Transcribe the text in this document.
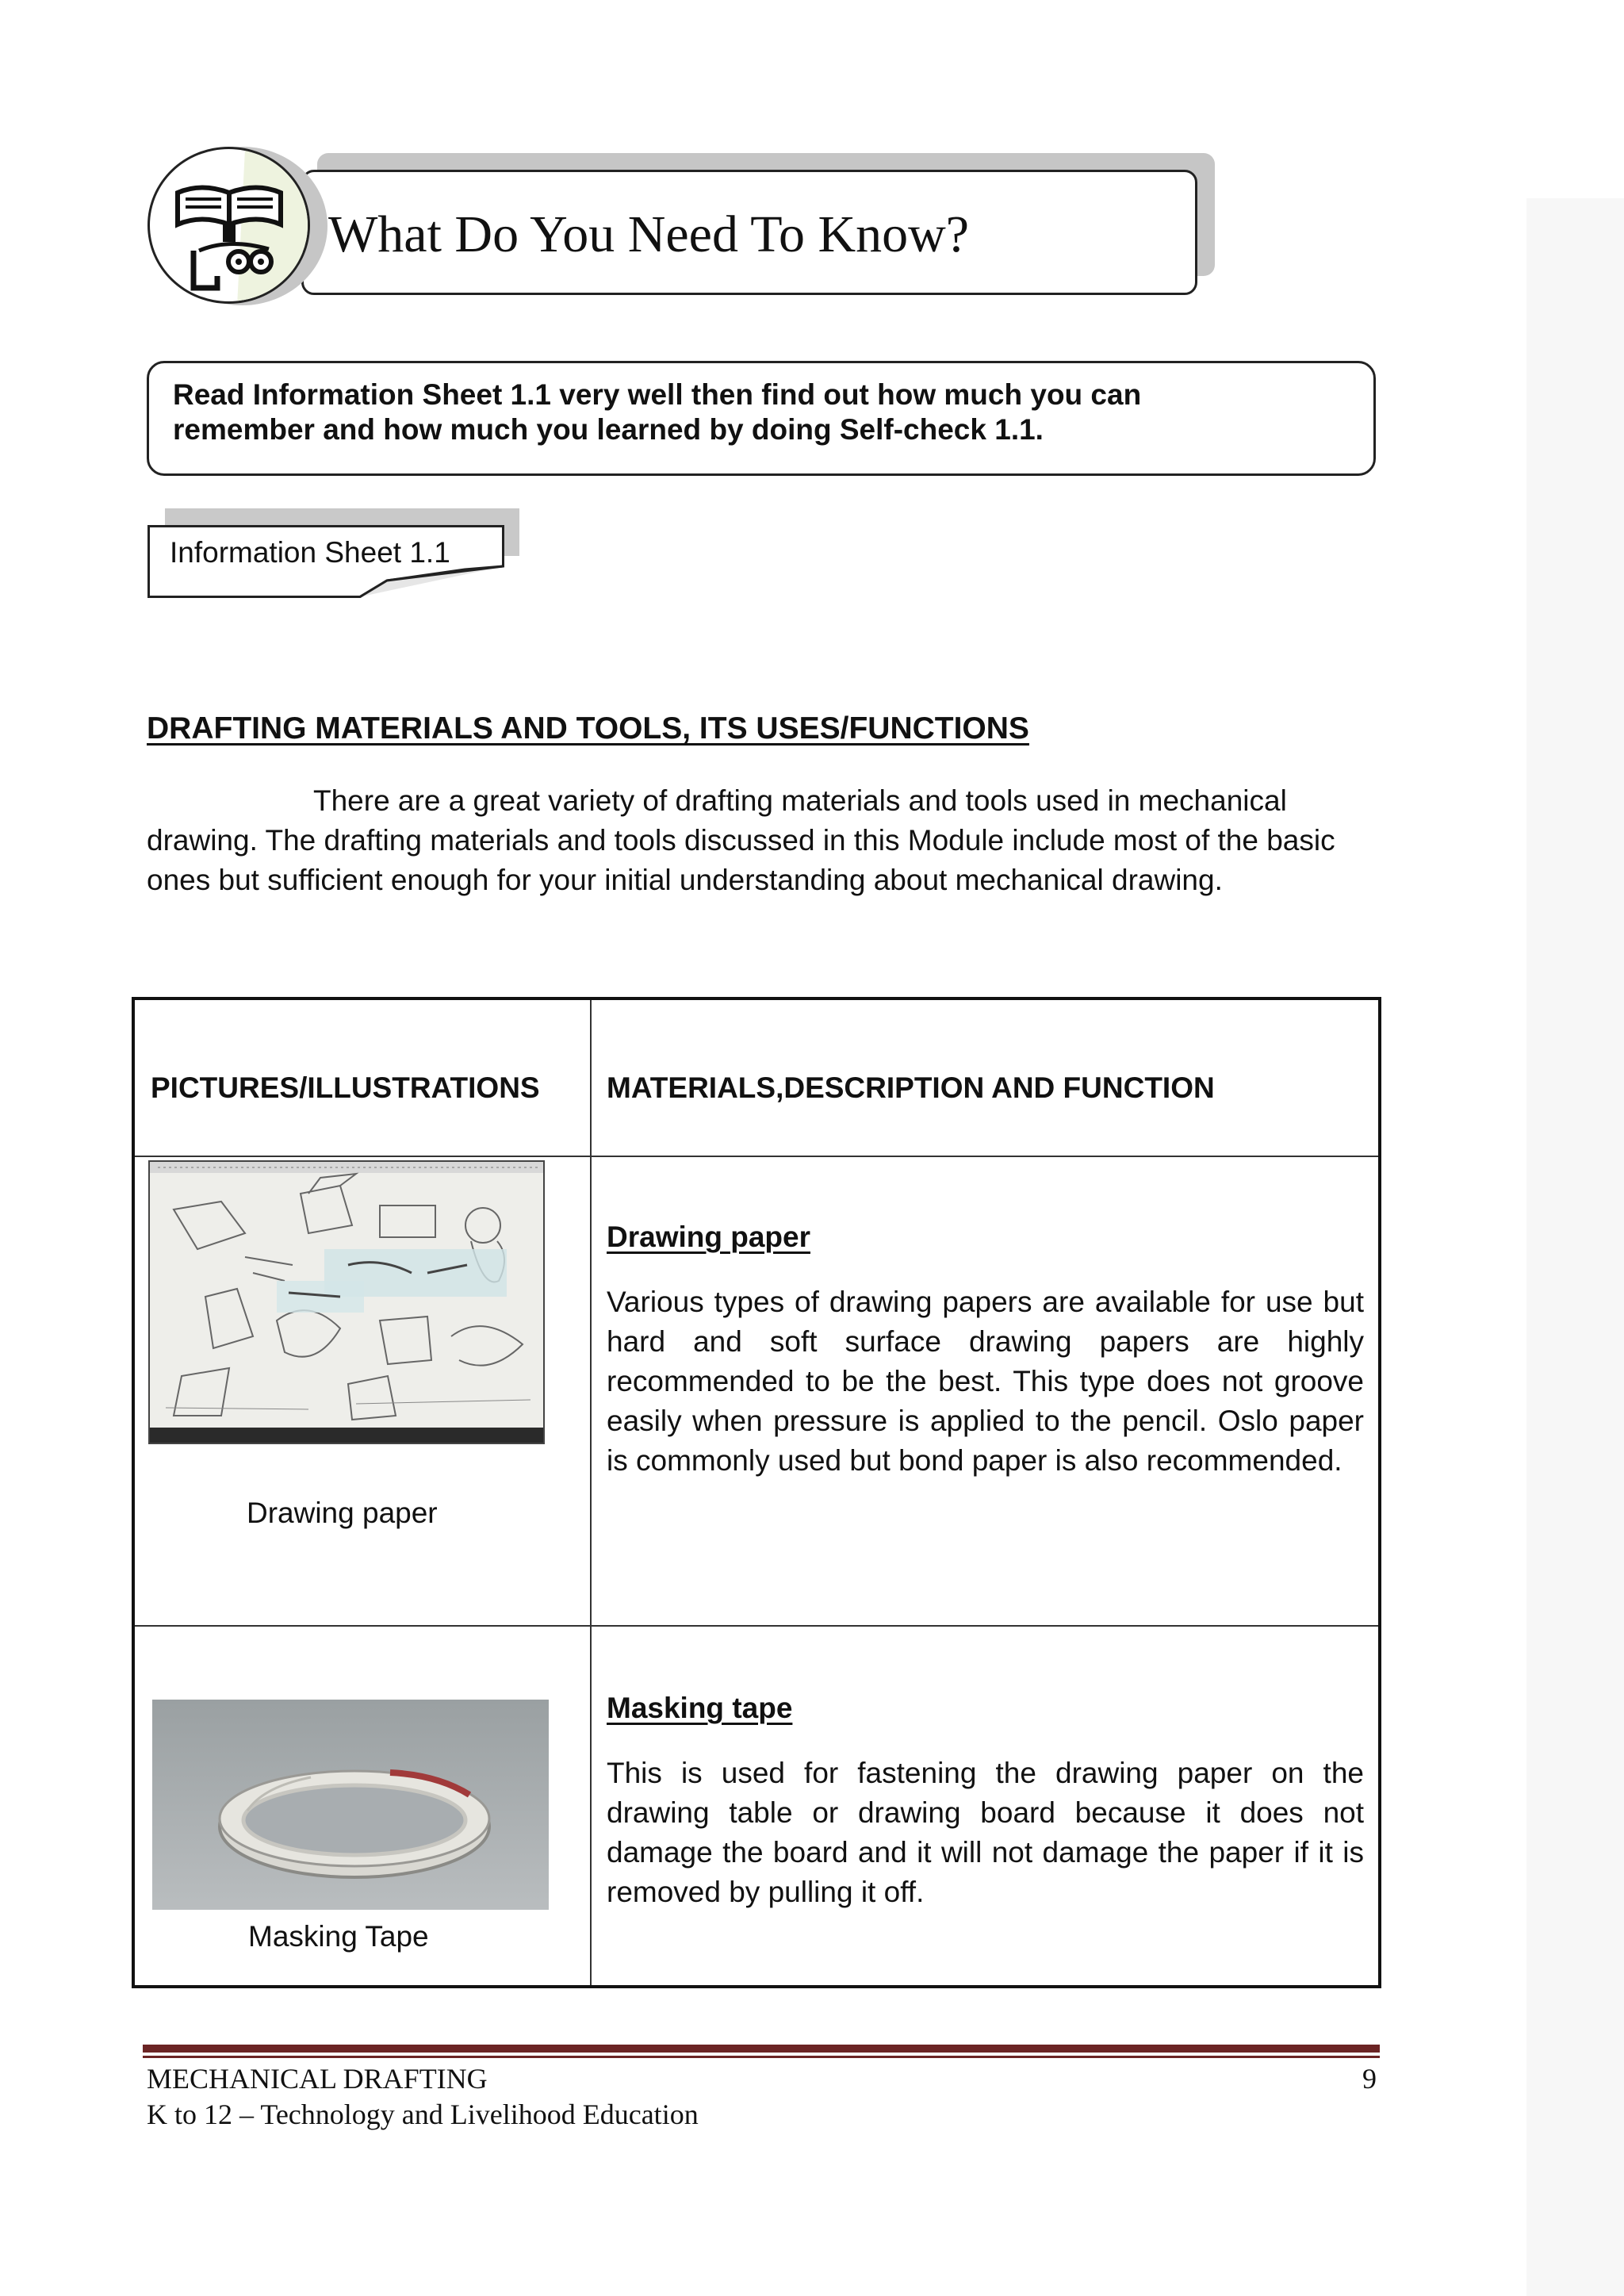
What Do You Need To Know?
Read Information Sheet 1.1 very well then find out how much you can
remember and how much you learned by doing Self-check 1.1.
Information Sheet 1.1
DRAFTING MATERIALS AND TOOLS, ITS USES/FUNCTIONS
There are a great variety of drafting materials and tools used in mechanical
drawing. The drafting materials and tools discussed in this Module include most of the basic ones but sufficient enough for your initial understanding about mechanical drawing.
PICTURES/ILLUSTRATIONS	MATERIALS,DESCRIPTION AND FUNCTION

Drawing paper	Drawing paper
Various types of drawing papers are available for use but hard and soft surface drawing papers are highly recommended to be the best. This type does not groove easily when pressure is applied to the pencil. Oslo paper is commonly used but bond paper is also recommended.

Masking Tape	Masking tape
This is used for fastening the drawing paper on the drawing table or drawing board because it does not damage the board and it will not damage the paper if it is removed by pulling it off.
MECHANICAL DRAFTING
K to 12 – Technology and Livelihood Education
9
